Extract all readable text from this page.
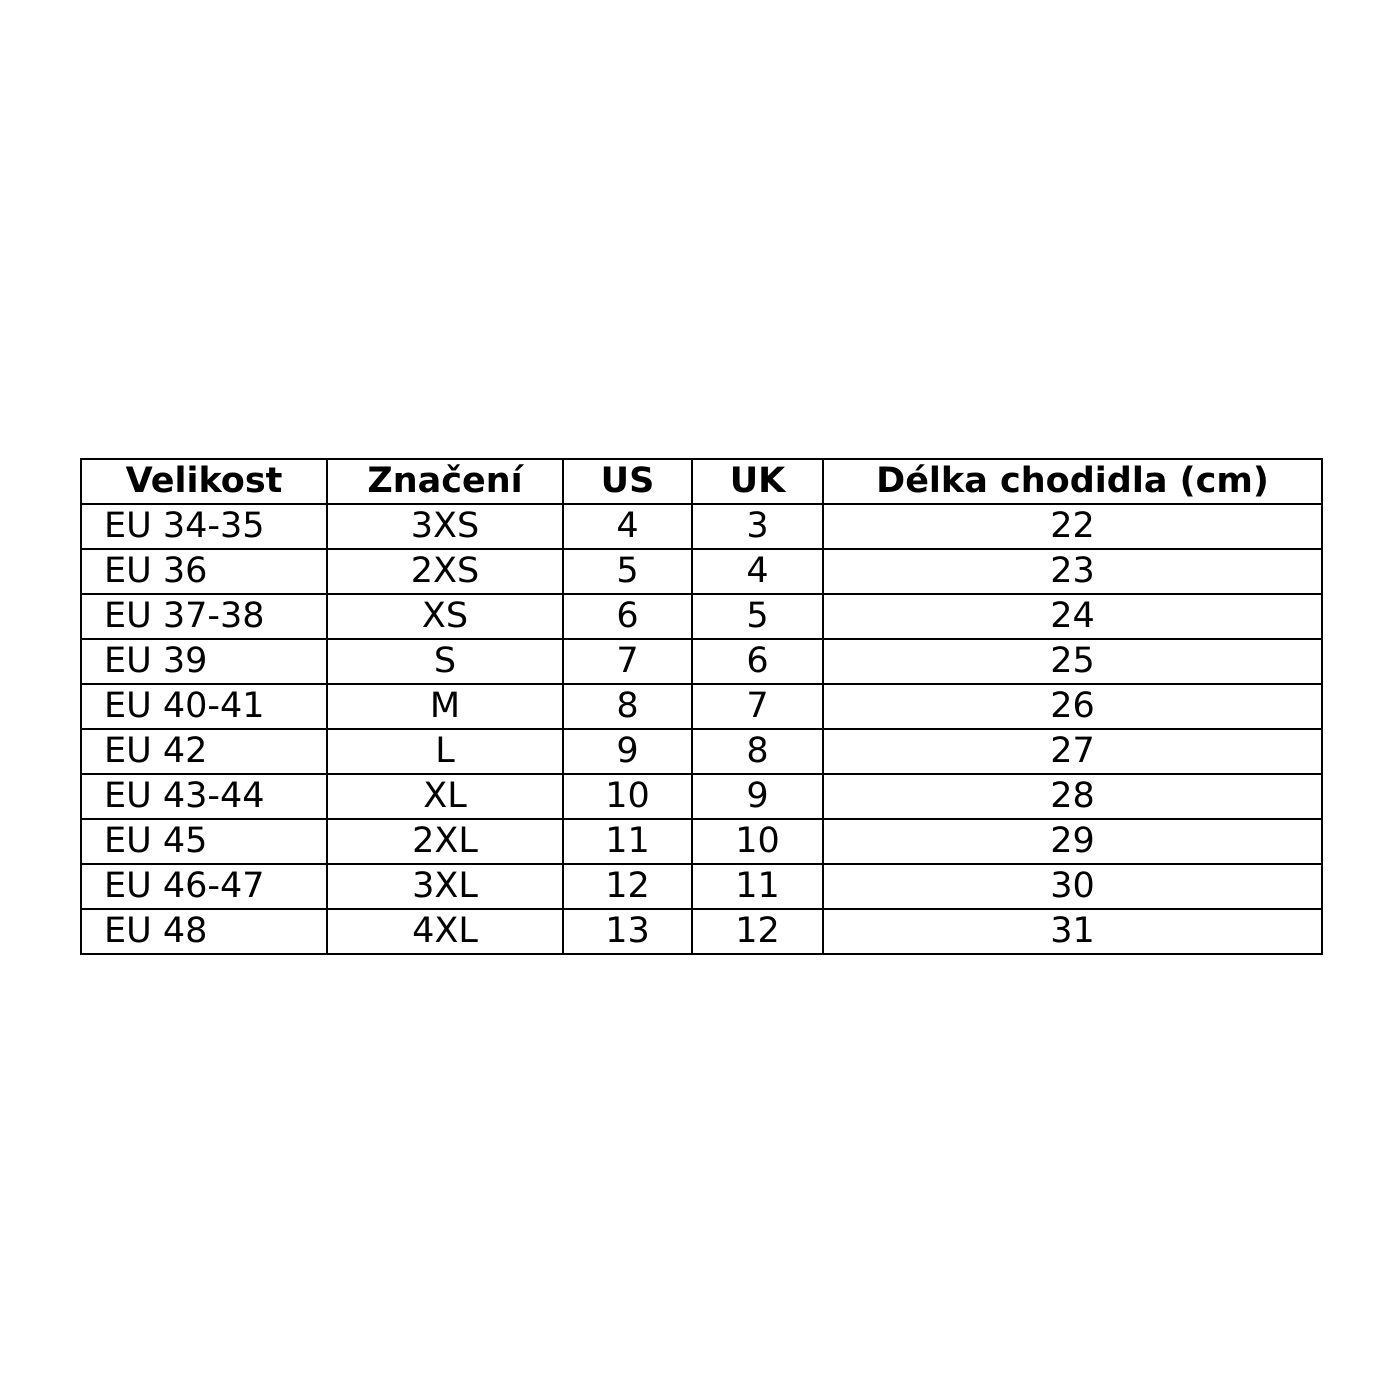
Velikost	Značení	US	UK	Délka chodidla (cm)
EU 34-35	3XS	4	3	22
EU 36	2XS	5	4	23
EU 37-38	XS	6	5	24
EU 39	S	7	6	25
EU 40-41	M	8	7	26
EU 42	L	9	8	27
EU 43-44	XL	10	9	28
EU 45	2XL	11	10	29
EU 46-47	3XL	12	11	30
EU 48	4XL	13	12	31
